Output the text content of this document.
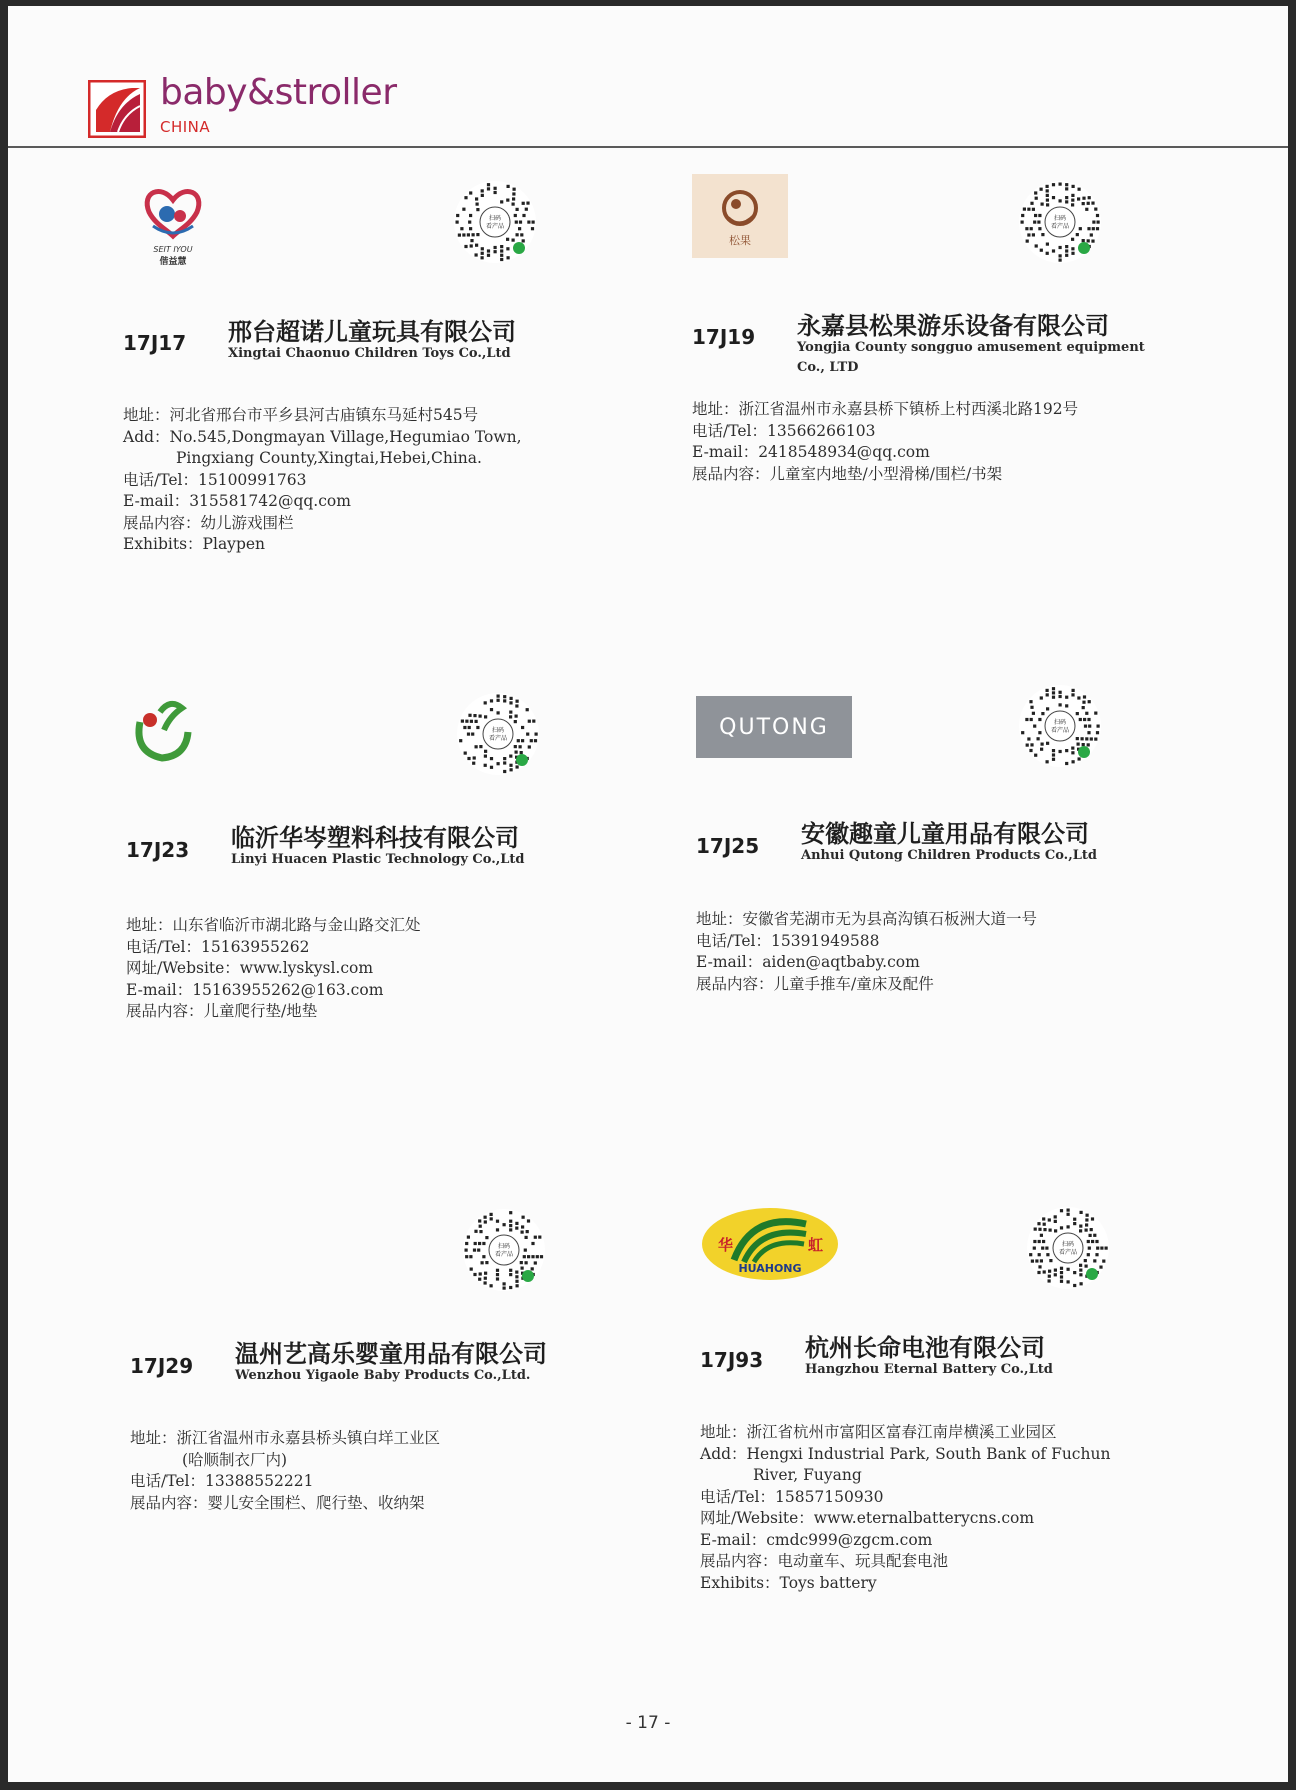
baby&stroller
CHINA
SEIT IYOU
偕益慧
扫码
看产品
17J17 邢台超诺儿童玩具有限公司
Xingtai Chaonuo Children Toys Co.,Ltd
地址：河北省邢台市平乡县河古庙镇东马延村545号
Add：No.545,Dongmayan Village,Hegumiao Town,
Pingxiang County,Xingtai,Hebei,China.
电话/Tel：15100991763
E-mail：315581742@qq.com
展品内容：幼儿游戏围栏
Exhibits：Playpen
松果
扫码
看产品
17J19 永嘉县松果游乐设备有限公司
Yongjia County songguo amusement equipment Co., LTD
地址：浙江省温州市永嘉县桥下镇桥上村西溪北路192号
电话/Tel：13566266103
E-mail：2418548934@qq.com
展品内容：儿童室内地垫/小型滑梯/围栏/书架
扫码
看产品
17J23 临沂华岑塑料科技有限公司
Linyi Huacen Plastic Technology Co.,Ltd
地址：山东省临沂市湖北路与金山路交汇处
电话/Tel：15163955262
网址/Website：www.lyskysl.com
E-mail：15163955262@163.com
展品内容：儿童爬行垫/地垫
QUTONG	扫码
看产品
17J25 安徽趣童儿童用品有限公司
Anhui Qutong Children Products Co.,Ltd
地址：安徽省芜湖市无为县高沟镇石板洲大道一号
电话/Tel：15391949588
E-mail：aiden@aqtbaby.com
展品内容：儿童手推车/童床及配件
扫码
看产品
17J29 温州艺高乐婴童用品有限公司
Wenzhou Yigaole Baby Products Co.,Ltd.
地址：浙江省温州市永嘉县桥头镇白垟工业区
(哈顺制衣厂内)
电话/Tel：13388552221
展品内容：婴儿安全围栏、爬行垫、收纳架
华	虹
HUAHONG
扫码
看产品
17J93 杭州长命电池有限公司
Hangzhou Eternal Battery Co.,Ltd
地址：浙江省杭州市富阳区富春江南岸横溪工业园区
Add：Hengxi Industrial Park, South Bank of Fuchun
River, Fuyang
电话/Tel：15857150930
网址/Website：www.eternalbatterycns.com
E-mail：cmdc999@zgcm.com
展品内容：电动童车、玩具配套电池
Exhibits：Toys battery
- 17 -
